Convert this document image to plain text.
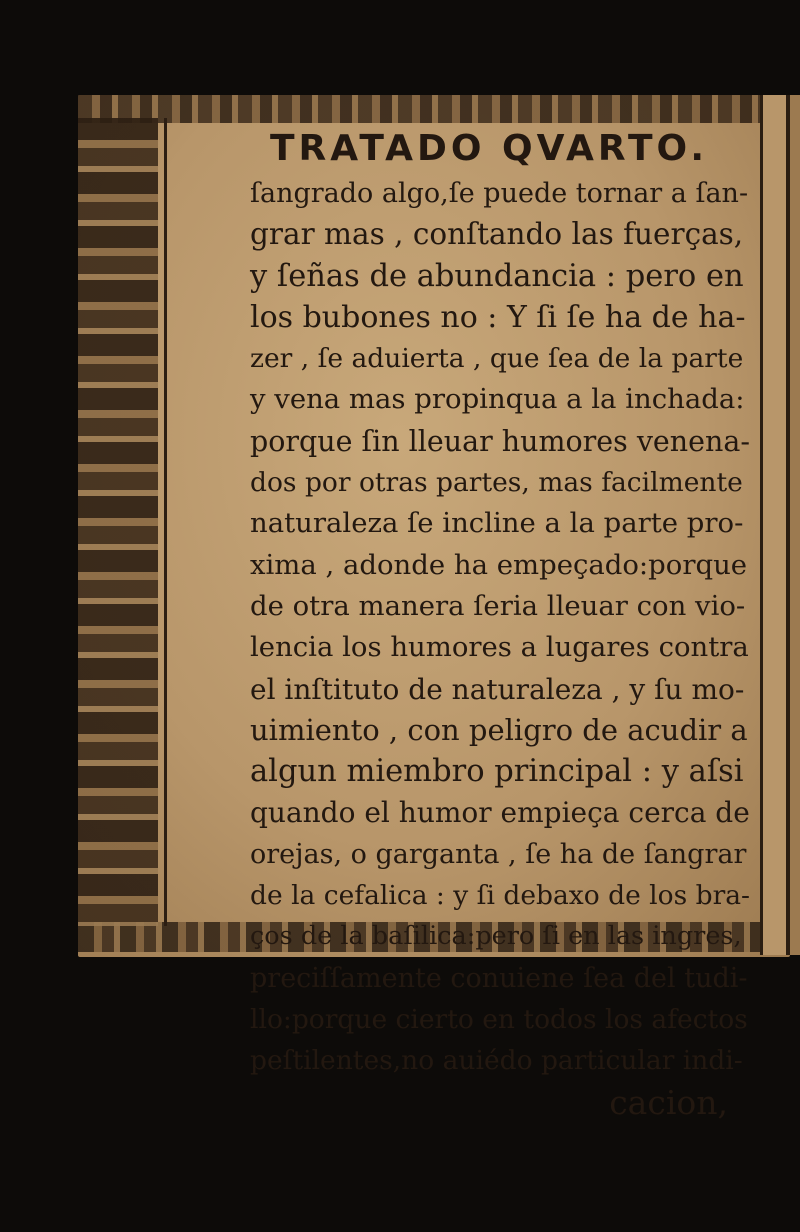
TRATADO QVARTO.
ſangrado algo,ſe puede tornar a ſan-
grar mas , conſtando las fuerças,
y ſeñas de abundancia : pero en
los bubones no : Y ſi ſe ha de ha-
zer , ſe aduierta , que ſea de la parte
y vena mas propinqua a la inchada:
porque ſin lleuar humores venena-
dos por otras partes, mas facilmente
naturaleza ſe incline a la parte pro-
xima , adonde ha empeçado:porque
de otra manera ſeria lleuar con vio-
lencia los humores a lugares contra
el inſtituto de naturaleza , y ſu mo-
uimiento , con peligro de acudir a
algun miembro principal : y aſsi
quando el humor empieça cerca de
orejas, o garganta , ſe ha de ſangrar
de la cefalica : y ſi debaxo de los bra-
ços de la baſilica:pero ſi en las ingres,
preciſſamente conuiene ſea del tudi-
llo:porque cierto en todos los afectos
peſtilentes,no auiédo particular indi-
cacion,
